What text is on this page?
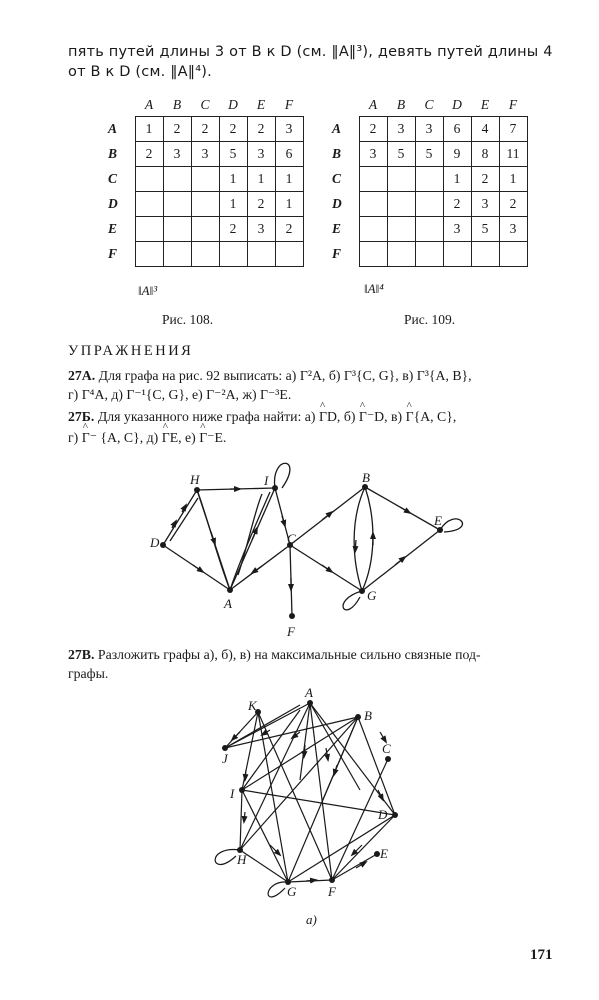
пять путей длины 3 от B к D (см. ‖A‖³), девять путей длины 4
от B к D (см. ‖A‖⁴).
	A	B	C	D	E	F
A	1	2	2	2	2	3
B	2	3	3	5	3	6
C				1	1	1
D				1	2	1
E				2	3	2
F						
‖A‖³
Рис. 108.
	A	B	C	D	E	F
A	2	3	3	6	4	7
B	3	5	5	9	8	11
C				1	2	1
D				2	3	2
E				3	5	3
F						
‖A‖⁴
Рис. 109.
УПРАЖНЕНИЯ
27А. Для графа на рис. 92 выписать: а) Γ²A, б) Γ³{C, G}, в) Γ³{A, B},
г) Γ⁴A, д) Γ⁻¹{C, G}, е) Γ⁻²A, ж) Γ⁻³E.
27Б. Для указанного ниже графа найти: а) ^ ΓD, б) ^ Γ⁻D, в) ^ Γ{A, C},
г) ^ Γ⁻ {A, C}, д) ^ ΓE, е) ^ Γ⁻E.
H	I
D	C
A
F
B
E
G
K
A
B
C
J
I
D
H	E
G F
а)
27В. Разложить графы а), б), в) на максимальные сильно связные под-
графы.
171
